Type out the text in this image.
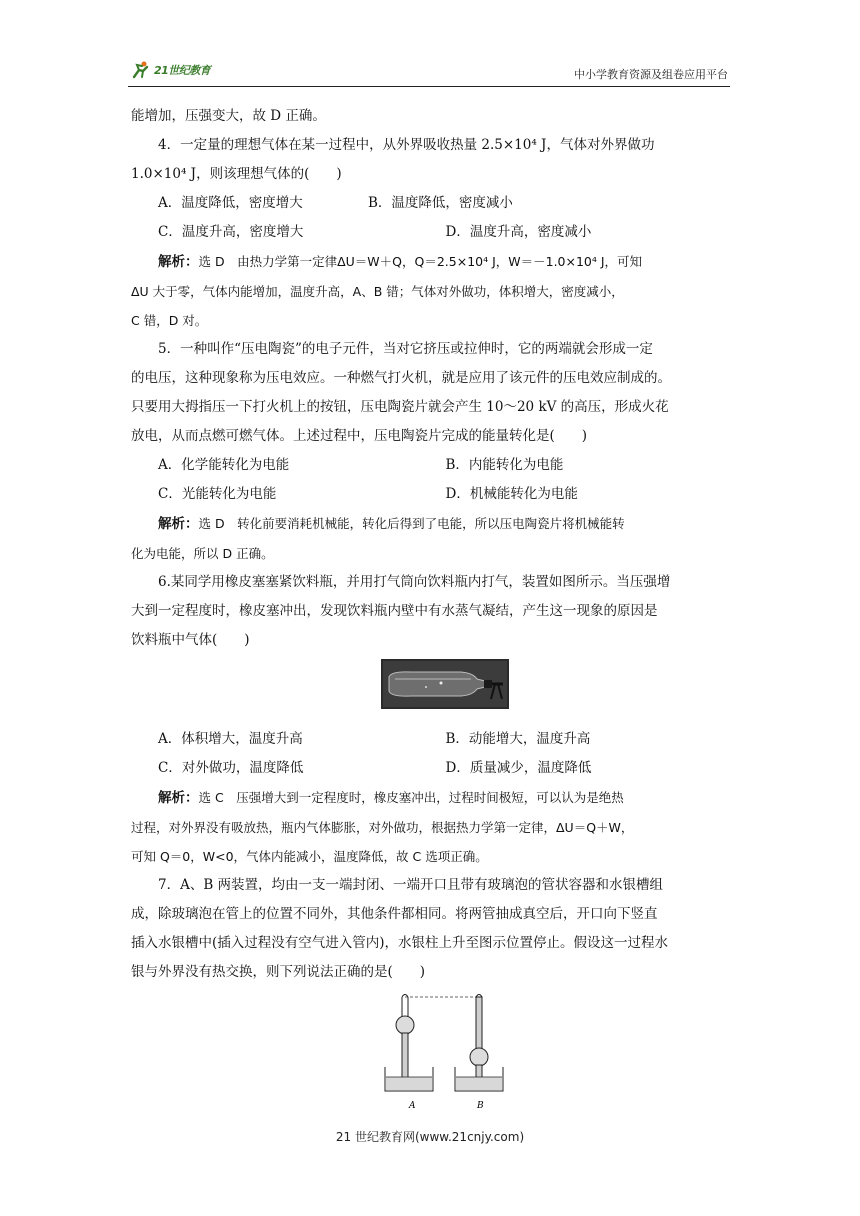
21世纪教育	中小学教育资源及组卷应用平台
能增加，压强变大，故 D 正确。
4．一定量的理想气体在某一过程中，从外界吸收热量 2.5×10⁴ J，气体对外界做功
1.0×10⁴ J，则该理想气体的(　　)
A．温度降低，密度增大	B．温度降低，密度减小
C．温度升高，密度增大	D．温度升高，密度减小
解析：选 D　由热力学第一定律ΔU＝W＋Q，Q＝2.5×10⁴ J，W＝－1.0×10⁴ J，可知
ΔU 大于零，气体内能增加，温度升高，A、B 错；气体对外做功，体积增大，密度减小，
C 错，D 对。
5．一种叫作“压电陶瓷”的电子元件，当对它挤压或拉伸时，它的两端就会形成一定
的电压，这种现象称为压电效应。一种燃气打火机，就是应用了该元件的压电效应制成的。
只要用大拇指压一下打火机上的按钮，压电陶瓷片就会产生 10～20 kV 的高压，形成火花
放电，从而点燃可燃气体。上述过程中，压电陶瓷片完成的能量转化是(　　)
A．化学能转化为电能	B．内能转化为电能
C．光能转化为电能	D．机械能转化为电能
解析：选 D　转化前要消耗机械能，转化后得到了电能，所以压电陶瓷片将机械能转
化为电能，所以 D 正确。
6.某同学用橡皮塞塞紧饮料瓶，并用打气筒向饮料瓶内打气，装置如图所示。当压强增
大到一定程度时，橡皮塞冲出，发现饮料瓶内壁中有水蒸气凝结，产生这一现象的原因是
饮料瓶中气体(　　)
A．体积增大，温度升高	B．动能增大，温度升高
C．对外做功，温度降低	D．质量减少，温度降低
解析：选 C　压强增大到一定程度时，橡皮塞冲出，过程时间极短，可以认为是绝热
过程，对外界没有吸放热，瓶内气体膨胀，对外做功，根据热力学第一定律，ΔU＝Q＋W，
可知 Q＝0，W<0，气体内能减小，温度降低，故 C 选项正确。
7．A、B 两装置，均由一支一端封闭、一端开口且带有玻璃泡的管状容器和水银槽组
成，除玻璃泡在管上的位置不同外，其他条件都相同。将两管抽成真空后，开口向下竖直
插入水银槽中(插入过程没有空气进入管内)，水银柱上升至图示位置停止。假设这一过程水
银与外界没有热交换，则下列说法正确的是(　　)
A	B
21 世纪教育网(www.21cnjy.com)
